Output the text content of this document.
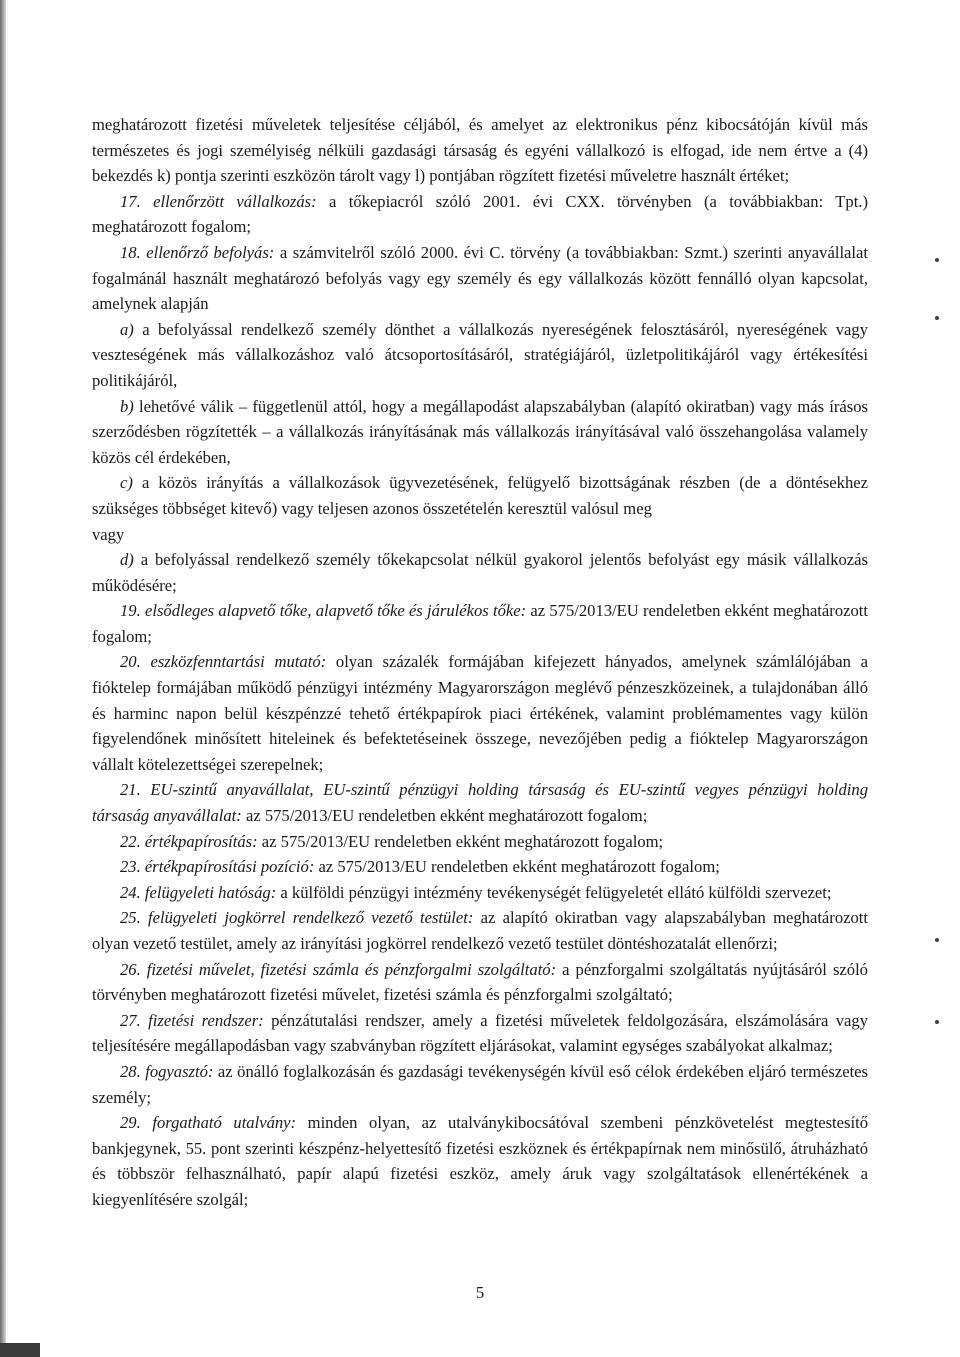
meghatározott fizetési műveletek teljesítése céljából, és amelyet az elektronikus pénz kibocsátóján kívül más természetes és jogi személyiség nélküli gazdasági társaság és egyéni vállalkozó is elfogad, ide nem értve a (4) bekezdés k) pontja szerinti eszközön tárolt vagy l) pontjában rögzített fizetési műveletre használt értéket;

17. ellenőrzött vállalkozás: a tőkepiacról szóló 2001. évi CXX. törvényben (a továbbiakban: Tpt.) meghatározott fogalom;

18. ellenőrző befolyás: a számvitelről szóló 2000. évi C. törvény (a továbbiakban: Szmt.) szerinti anyavállalat fogalmánál használt meghatározó befolyás vagy egy személy és egy vállalkozás között fennálló olyan kapcsolat, amelynek alapján

a) a befolyással rendelkező személy dönthet a vállalkozás nyereségének felosztásáról, nyereségének vagy veszteségének más vállalkozáshoz való átcsoportosításáról, stratégiájáról, üzletpolitikájáról vagy értékesítési politikájáról,

b) lehetővé válik – függetlenül attól, hogy a megállapodást alapszabályban (alapító okiratban) vagy más írásos szerződésben rögzítették – a vállalkozás irányításának más vállalkozás irányításával való összehangolása valamely közös cél érdekében,

c) a közös irányítás a vállalkozások ügyvezetésének, felügyelő bizottságának részben (de a döntésekhez szükséges többséget kitevő) vagy teljesen azonos összetételén keresztül valósul meg

vagy

d) a befolyással rendelkező személy tőkekapcsolat nélkül gyakorol jelentős befolyást egy másik vállalkozás működésére;

19. elsődleges alapvető tőke, alapvető tőke és járulékos tőke: az 575/2013/EU rendeletben ekként meghatározott fogalom;

20. eszközfenntartási mutató: olyan százalék formájában kifejezett hányados, amelynek számlálójában a fióktelep formájában működő pénzügyi intézmény Magyarországon meglévő pénzeszközeinek, a tulajdonában álló és harminc napon belül készpénzzé tehető értékpapírok piaci értékének, valamint problémamentes vagy külön figyelendőnek minősített hiteleinek és befektetéseinek összege, nevezőjében pedig a fióktelep Magyarországon vállalt kötelezettségei szerepelnek;

21. EU-szintű anyavállalat, EU-szintű pénzügyi holding társaság és EU-szintű vegyes pénzügyi holding társaság anyavállalat: az 575/2013/EU rendeletben ekként meghatározott fogalom;

22. értékpapírosítás: az 575/2013/EU rendeletben ekként meghatározott fogalom;

23. értékpapírosítási pozíció: az 575/2013/EU rendeletben ekként meghatározott fogalom;

24. felügyeleti hatóság: a külföldi pénzügyi intézmény tevékenységét felügyeletét ellátó külföldi szervezet;

25. felügyeleti jogkörrel rendelkező vezető testület: az alapító okiratban vagy alapszabályban meghatározott olyan vezető testület, amely az irányítási jogkörrel rendelkező vezető testület döntéshozatalát ellenőrzi;

26. fizetési művelet, fizetési számla és pénzforgalmi szolgáltató: a pénzforgalmi szolgáltatás nyújtásáról szóló törvényben meghatározott fizetési művelet, fizetési számla és pénzforgalmi szolgáltató;

27. fizetési rendszer: pénzátutalási rendszer, amely a fizetési műveletek feldolgozására, elszámolására vagy teljesítésére megállapodásban vagy szabványban rögzített eljárásokat, valamint egységes szabályokat alkalmaz;

28. fogyasztó: az önálló foglalkozásán és gazdasági tevékenységén kívül eső célok érdekében eljáró természetes személy;

29. forgatható utalvány: minden olyan, az utalványkibocsátóval szembeni pénzkövetelést megtestesítő bankjegynek, 55. pont szerinti készpénz-helyettesítő fizetési eszköznek és értékpapírnak nem minősülő, átruházható és többször felhasználható, papír alapú fizetési eszköz, amely áruk vagy szolgáltatások ellenértékének a kiegyenlítésére szolgál;

5
